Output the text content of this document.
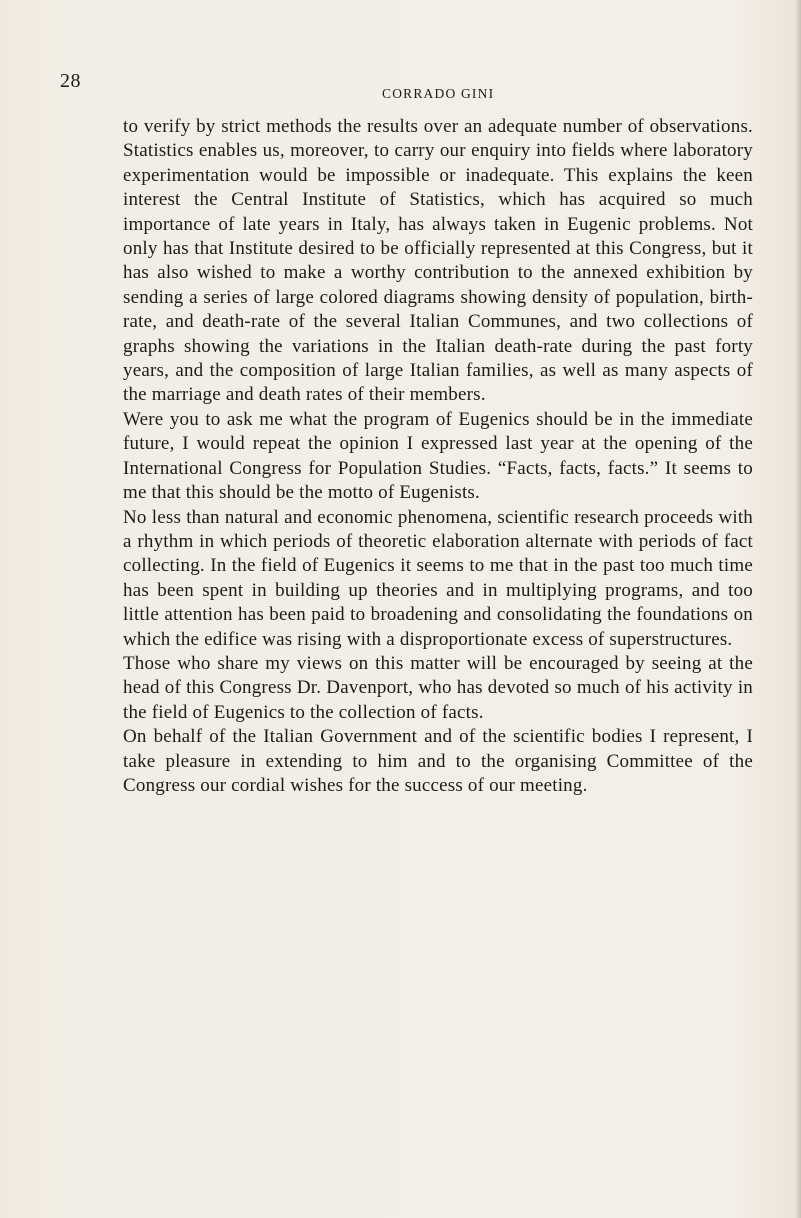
28
CORRADO GINI

to verify by strict methods the results over an adequate number of observations. Statistics enables us, moreover, to carry our enquiry into fields where laboratory experimentation would be impossible or inadequate. This explains the keen interest the Central Institute of Statistics, which has acquired so much importance of late years in Italy, has always taken in Eugenic problems. Not only has that Institute desired to be officially represented at this Congress, but it has also wished to make a worthy contribution to the annexed exhibition by sending a series of large colored diagrams showing density of population, birth-rate, and death-rate of the several Italian Communes, and two collections of graphs showing the variations in the Italian death-rate during the past forty years, and the composition of large Italian families, as well as many aspects of the marriage and death rates of their members.

Were you to ask me what the program of Eugenics should be in the immediate future, I would repeat the opinion I expressed last year at the opening of the International Congress for Population Studies. “Facts, facts, facts.” It seems to me that this should be the motto of Eugenists.

No less than natural and economic phenomena, scientific research proceeds with a rhythm in which periods of theoretic elaboration alternate with periods of fact collecting. In the field of Eugenics it seems to me that in the past too much time has been spent in building up theories and in multiplying programs, and too little attention has been paid to broadening and consolidating the foundations on which the edifice was rising with a disproportionate excess of superstructures.

Those who share my views on this matter will be encouraged by seeing at the head of this Congress Dr. Davenport, who has devoted so much of his activity in the field of Eugenics to the collection of facts.

On behalf of the Italian Government and of the scientific bodies I represent, I take pleasure in extending to him and to the organising Committee of the Congress our cordial wishes for the success of our meeting.
